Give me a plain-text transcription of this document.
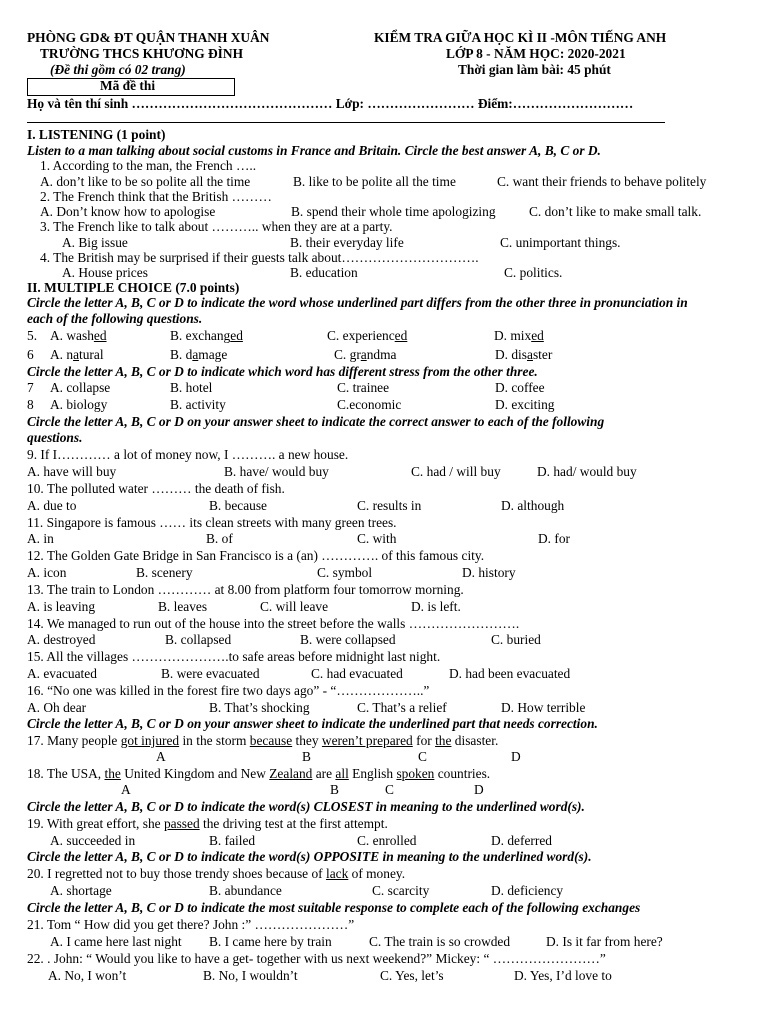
PHÒNG GD& ĐT QUẬN THANH XUÂN
TRƯỜNG THCS KHƯƠNG ĐÌNH
(Đề thi gồm có 02 trang)
Mã đề thi
KIỂM TRA GIỮA HỌC KÌ II -MÔN TIẾNG ANH
LỚP 8 - NĂM HỌC: 2020-2021
Thời gian làm bài: 45 phút
Họ và tên thí sinh ……………………………………… Lớp: …………………… Điểm:………………………
I. LISTENING (1 point)
Listen to a man talking about social customs in France and Britain. Circle the best answer A, B, C or D.
1. According to the man, the French …..
A. don’t like to be so polite all the time	B. like to be polite all the time	C. want their friends to behave politely
2. The French think that the British ………
A. Don’t know how to apologise	B. spend their whole time apologizing C. don’t like to make small talk.
3. The French like to talk about ……….. when they are at a party.
A. Big issue	B. their everyday life	C. unimportant things.
4. The British may be surprised if their guests talk about………………………….
A. House prices	B. education	C. politics.
II. MULTIPLE CHOICE (7.0 points)
Circle the letter A, B, C or D to indicate the word whose underlined part differs from the other three in pronunciation in
each of the following questions.
5. A. washed	B. exchanged	C. experienced	D. mixed
6 A. natural	B. damage	C. grandma	D. disaster
Circle the letter A, B, C or D to indicate which word has different stress from the other three.
7 A. collapse	B. hotel	C. trainee	D. coffee
8 A. biology	B. activity	C.economic	D. exciting
Circle the letter A, B, C or D on your answer sheet to indicate the correct answer to each of the following
questions.
9. If I………… a lot of money now, I ………. a new house.
A. have will buy	B. have/ would buy	C. had / will buy	D. had/ would buy
10. The polluted water ……… the death of fish.
A. due to	B. because	C. results in	D. although
11. Singapore is famous …… its clean streets with many green trees.
A. in	B. of	C. with	D. for
12. The Golden Gate Bridge in San Francisco is a (an) …………. of this famous city.
A. icon	B. scenery	C. symbol	D. history
13. The train to London ………… at 8.00 from platform four tomorrow morning.
A. is leaving	B. leaves	C. will leave	D. is left.
14. We managed to run out of the house into the street before the walls …………………….
A. destroyed	B. collapsed	B. were collapsed	C. buried
15. All the villages ………………….to safe areas before midnight last night.
A. evacuated	B. were evacuated	C. had evacuated	D. had been evacuated
16. “No one was killed in the forest fire two days ago” - “………………..”
A. Oh dear	B. That’s shocking	C. That’s a relief	D. How terrible
Circle the letter A, B, C or D on your answer sheet to indicate the underlined part that needs correction.
17. Many people got injured in the storm because they weren’t prepared for the disaster.
A	B	C	D
18. The USA, the United Kingdom and New Zealand are all English spoken countries.
A	B	C	D
Circle the letter A, B, C or D to indicate the word(s) CLOSEST in meaning to the underlined word(s).
19. With great effort, she passed the driving test at the first attempt.
A. succeeded in	B. failed	C. enrolled	D. deferred
Circle the letter A, B, C or D to indicate the word(s) OPPOSITE in meaning to the underlined word(s).
20. I regretted not to buy those trendy shoes because of lack of money.
A. shortage	B. abundance	C. scarcity	D. deficiency
Circle the letter A, B, C or D to indicate the most suitable response to complete each of the following exchanges
21. Tom “ How did you get there? John :” …………………”
A. I came here last night B. I came here by train	C. The train is so crowded	D. Is it far from here?
22. . John: “ Would you like to have a get- together with us next weekend?” Mickey: “ ……………………”
A. No, I won’t	B. No, I wouldn’t	C. Yes, let’s	D. Yes, I’d love to
